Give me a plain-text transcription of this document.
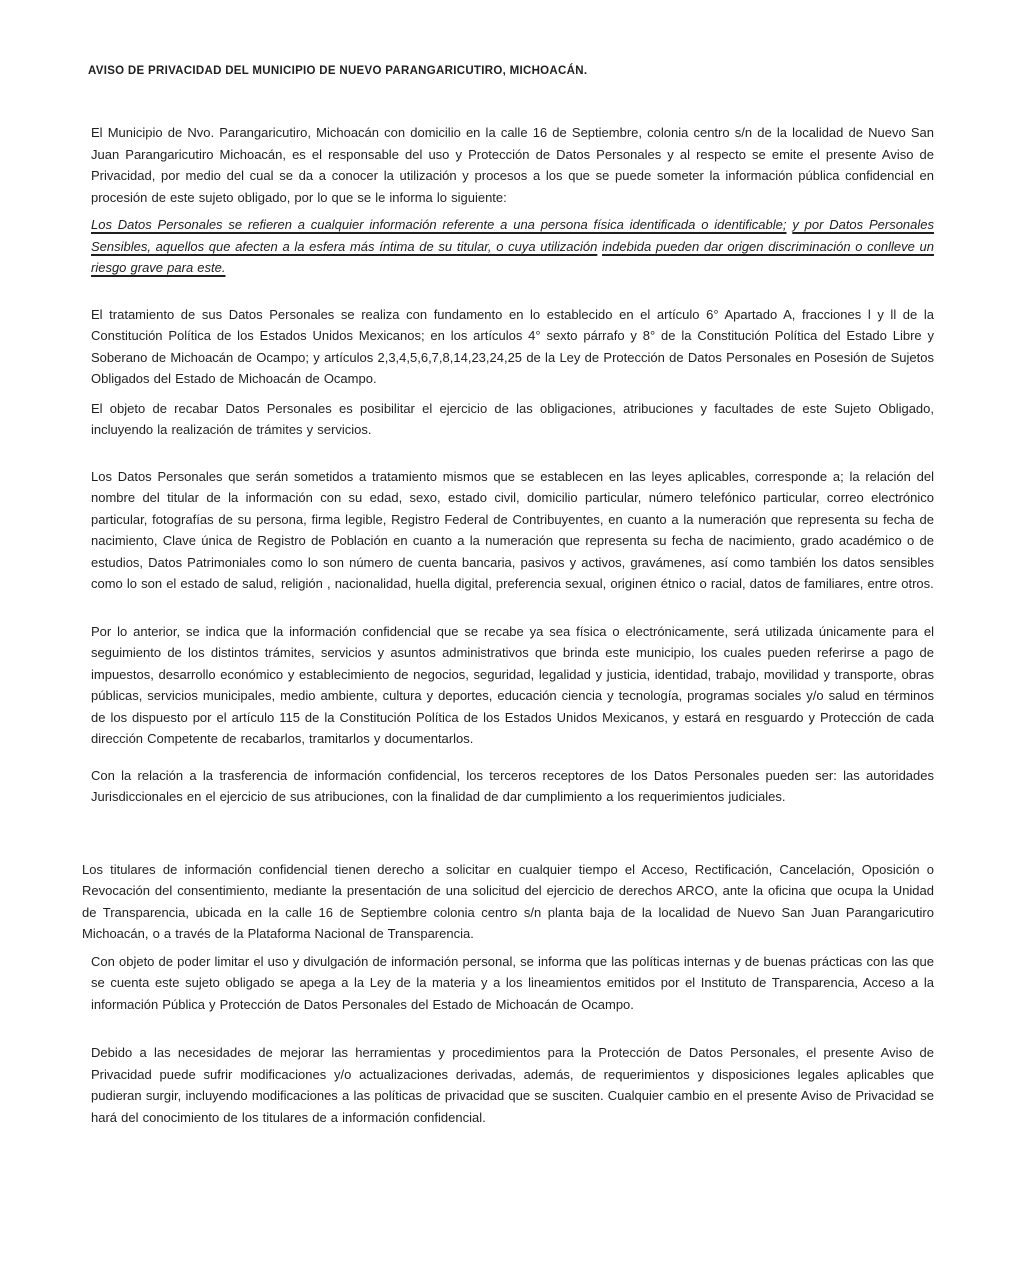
AVISO DE PRIVACIDAD DEL MUNICIPIO DE NUEVO PARANGARICUTIRO, MICHOACÁN.

El Municipio de Nvo. Parangaricutiro, Michoacán con domicilio en la calle 16 de Septiembre, colonia centro s/n de la localidad de Nuevo San Juan Parangaricutiro Michoacán, es el responsable del uso y Protección de Datos Personales y al respecto se emite el presente Aviso de Privacidad, por medio del cual se da a conocer la utilización y procesos a los que se puede someter la información pública confidencial en procesión de este sujeto obligado, por lo que se le informa lo siguiente:

Los Datos Personales se refieren a cualquier información referente a una persona física identificada o identificable; y por Datos Personales Sensibles, aquellos que afecten a la esfera más íntima de su titular, o cuya utilización indebida pueden dar origen discriminación o conlleve un riesgo grave para este.

El tratamiento de sus Datos Personales se realiza con fundamento en lo establecido en el artículo 6° Apartado A, fracciones l y ll de la Constitución Política de los Estados Unidos Mexicanos; en los artículos 4° sexto párrafo y 8° de la Constitución Política del Estado Libre y Soberano de Michoacán de Ocampo; y artículos 2,3,4,5,6,7,8,14,23,24,25 de la Ley de Protección de Datos Personales en Posesión de Sujetos Obligados del Estado de Michoacán de Ocampo.

El objeto de recabar Datos Personales es posibilitar el ejercicio de las obligaciones, atribuciones y facultades de este Sujeto Obligado, incluyendo la realización de trámites y servicios.

Los Datos Personales que serán sometidos a tratamiento mismos que se establecen en las leyes aplicables, corresponde a; la relación del nombre del titular de la información con su edad, sexo, estado civil, domicilio particular, número telefónico particular, correo electrónico particular, fotografías de su persona, firma legible, Registro Federal de Contribuyentes, en cuanto a la numeración que representa su fecha de nacimiento, Clave única de Registro de Población en cuanto a la numeración que representa su fecha de nacimiento, grado académico o de estudios, Datos Patrimoniales como lo son número de cuenta bancaria, pasivos y activos, gravámenes, así como también los datos sensibles como lo son el estado de salud, religión , nacionalidad, huella digital, preferencia sexual, originen étnico o racial, datos de familiares, entre otros.

Por lo anterior, se indica que la información confidencial que se recabe ya sea física o electrónicamente, será utilizada únicamente para el seguimiento de los distintos trámites, servicios y asuntos administrativos que brinda este municipio, los cuales pueden referirse a pago de impuestos, desarrollo económico y establecimiento de negocios, seguridad, legalidad y justicia, identidad, trabajo, movilidad y transporte, obras públicas, servicios municipales, medio ambiente, cultura y deportes, educación ciencia y tecnología, programas sociales y/o salud en términos de los dispuesto por el artículo 115 de la Constitución Política de los Estados Unidos Mexicanos, y estará en resguardo y Protección de cada dirección Competente de recabarlos, tramitarlos y documentarlos.

Con la relación a la trasferencia de información confidencial, los terceros receptores de los Datos Personales pueden ser: las autoridades Jurisdiccionales en el ejercicio de sus atribuciones, con la finalidad de dar cumplimiento a los requerimientos judiciales.

Los titulares de información confidencial tienen derecho a solicitar en cualquier tiempo el Acceso, Rectificación, Cancelación, Oposición o Revocación del consentimiento, mediante la presentación de una solicitud del ejercicio de derechos ARCO, ante la oficina que ocupa la Unidad de Transparencia, ubicada en la calle 16 de Septiembre colonia centro s/n planta baja de la localidad de Nuevo San Juan Parangaricutiro Michoacán, o a través de la Plataforma Nacional de Transparencia.

Con objeto de poder limitar el uso y divulgación de información personal, se informa que las políticas internas y de buenas prácticas con las que se cuenta este sujeto obligado se apega a la Ley de la materia y a los lineamientos emitidos por el Instituto de Transparencia, Acceso a la información Pública y Protección de Datos Personales del Estado de Michoacán de Ocampo.

Debido a las necesidades de mejorar las herramientas y procedimientos para la Protección de Datos Personales, el presente Aviso de Privacidad puede sufrir modificaciones y/o actualizaciones derivadas, además, de requerimientos y disposiciones legales aplicables que pudieran surgir, incluyendo modificaciones a las políticas de privacidad que se susciten. Cualquier cambio en el presente Aviso de Privacidad se hará del conocimiento de los titulares de a información confidencial.
